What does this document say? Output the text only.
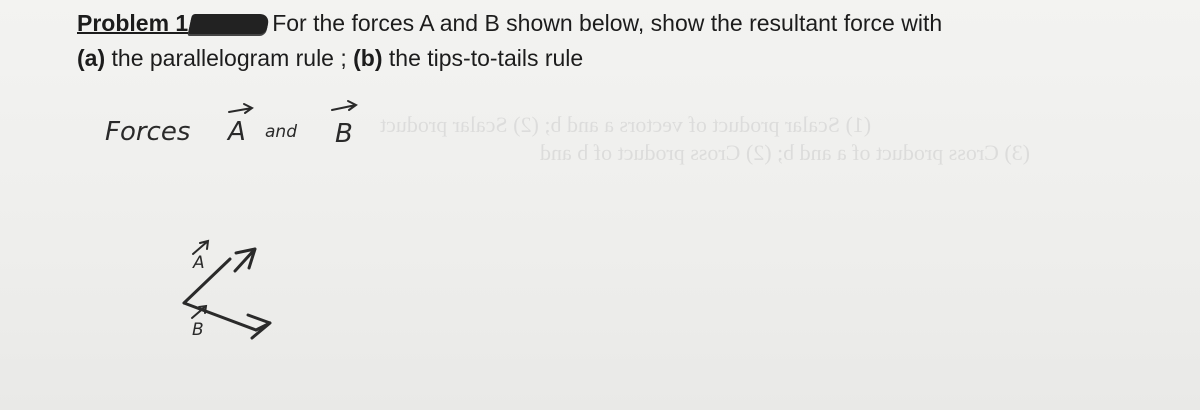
(1) Scalar product of vectors a and b; (2) Scalar product
(3) Cross product of a and b; (2) Cross product of b and
Problem 1	For the forces A and B shown below, show the resultant force with
(a) the parallelogram rule ; (b) the tips-to-tails rule
Forces A and B
A
B
